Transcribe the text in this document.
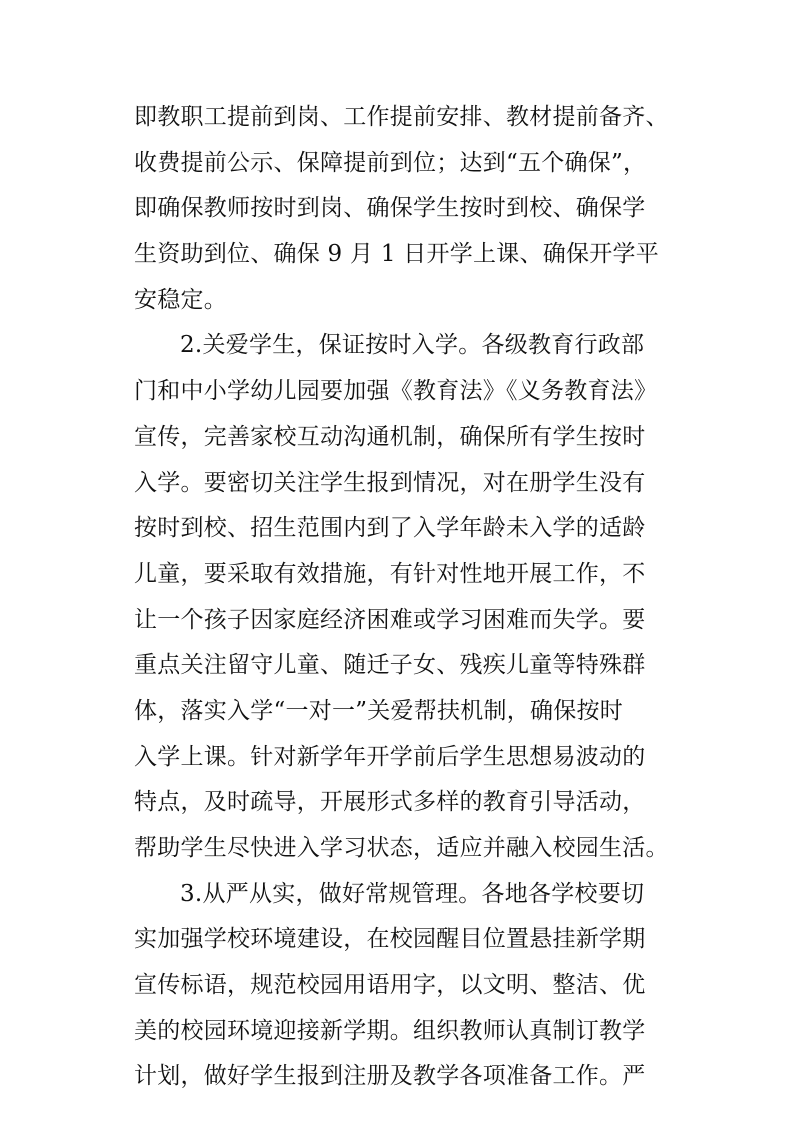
即教职工提前到岗、工作提前安排、教材提前备齐、
收费提前公示、保障提前到位；达到“五个确保”，
即确保教师按时到岗、确保学生按时到校、确保学
生资助到位、确保 9 月 1 日开学上课、确保开学平
安稳定。
2.关爱学生，保证按时入学。各级教育行政部
门和中小学幼儿园要加强《教育法》《义务教育法》
宣传，完善家校互动沟通机制，确保所有学生按时
入学。要密切关注学生报到情况，对在册学生没有
按时到校、招生范围内到了入学年龄未入学的适龄
儿童，要采取有效措施，有针对性地开展工作，不
让一个孩子因家庭经济困难或学习困难而失学。要
重点关注留守儿童、随迁子女、残疾儿童等特殊群
体，落实入学“一对一”关爱帮扶机制，确保按时
入学上课。针对新学年开学前后学生思想易波动的
特点，及时疏导，开展形式多样的教育引导活动，
帮助学生尽快进入学习状态，适应并融入校园生活。
3.从严从实，做好常规管理。各地各学校要切
实加强学校环境建设，在校园醒目位置悬挂新学期
宣传标语，规范校园用语用字，以文明、整洁、优
美的校园环境迎接新学期。组织教师认真制订教学
计划，做好学生报到注册及教学各项准备工作。严
